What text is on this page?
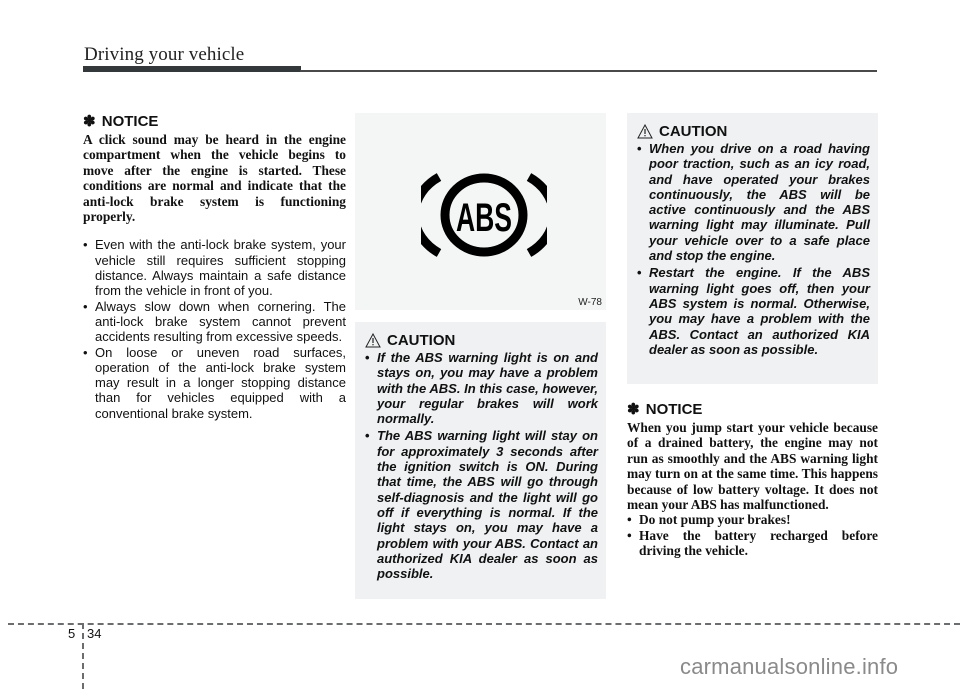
Driving your vehicle
✽ NOTICE

A click sound may be heard in the engine compartment when the vehicle begins to move after the engine is started. These conditions are normal and indicate that the anti-lock brake system is functioning properly.

• Even with the anti-lock brake system, your vehicle still requires sufficient stopping distance. Always maintain a safe distance from the vehicle in front of you.
• Always slow down when cornering. The anti-lock brake system cannot prevent accidents resulting from excessive speeds.
• On loose or uneven road surfaces, operation of the anti-lock brake system may result in a longer stopping distance than for vehicles equipped with a conventional brake system.
ABS
W-78
CAUTION
• If the ABS warning light is on and stays on, you may have a problem with the ABS. In this case, however, your regular brakes will work normally.
• The ABS warning light will stay on for approximately 3 seconds after the ignition switch is ON. During that time, the ABS will go through self-diagnosis and the light will go off if everything is normal. If the light stays on, you may have a problem with your ABS. Contact an authorized KIA dealer as soon as possible.
CAUTION
• When you drive on a road having poor traction, such as an icy road, and have operated your brakes continuously, the ABS will be active continuously and the ABS warning light may illuminate. Pull your vehicle over to a safe place and stop the engine.
• Restart the engine. If the ABS warning light goes off, then your ABS system is normal. Otherwise, you may have a problem with the ABS. Contact an authorized KIA dealer as soon as possible.
✽ NOTICE

When you jump start your vehicle because of a drained battery, the engine may not run as smoothly and the ABS warning light may turn on at the same time. This happens because of low battery voltage. It does not mean your ABS has malfunctioned.

• Do not pump your brakes!
• Have the battery recharged before driving the vehicle.
5 34
carmanualsonline.info
